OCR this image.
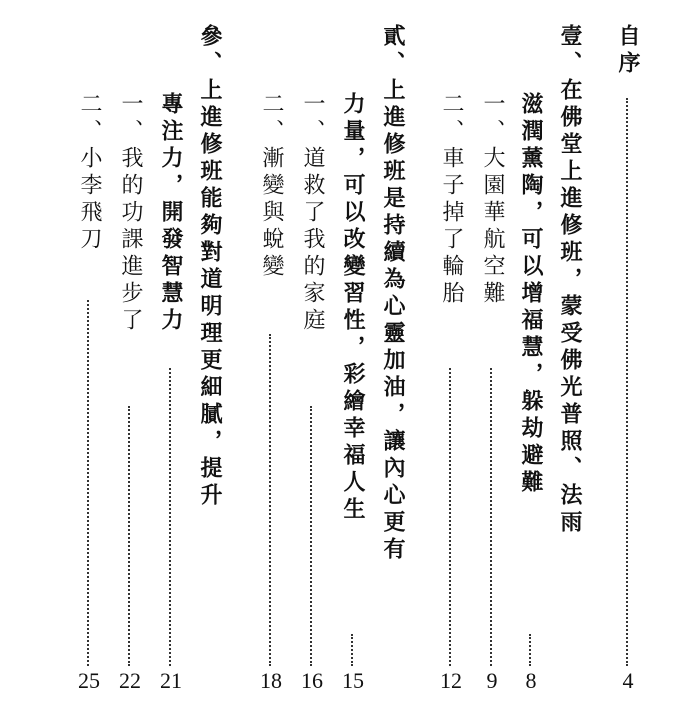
自序
4
壹、在佛堂上進修班，蒙受佛光普照、法雨
滋潤薰陶，可以增福慧，躲劫避難
8
一、大園華航空難
9
二、車子掉了輪胎
12
貳、上進修班是持續為心靈加油，讓內心更有
力量，可以改變習性，彩繪幸福人生
15
一、道救了我的家庭
16
二、漸變與蛻變
18
參、上進修班能夠對道明理更細膩，提升
專注力，開發智慧力
21
一、我的功課進步了
22
二、小李飛刀
25
